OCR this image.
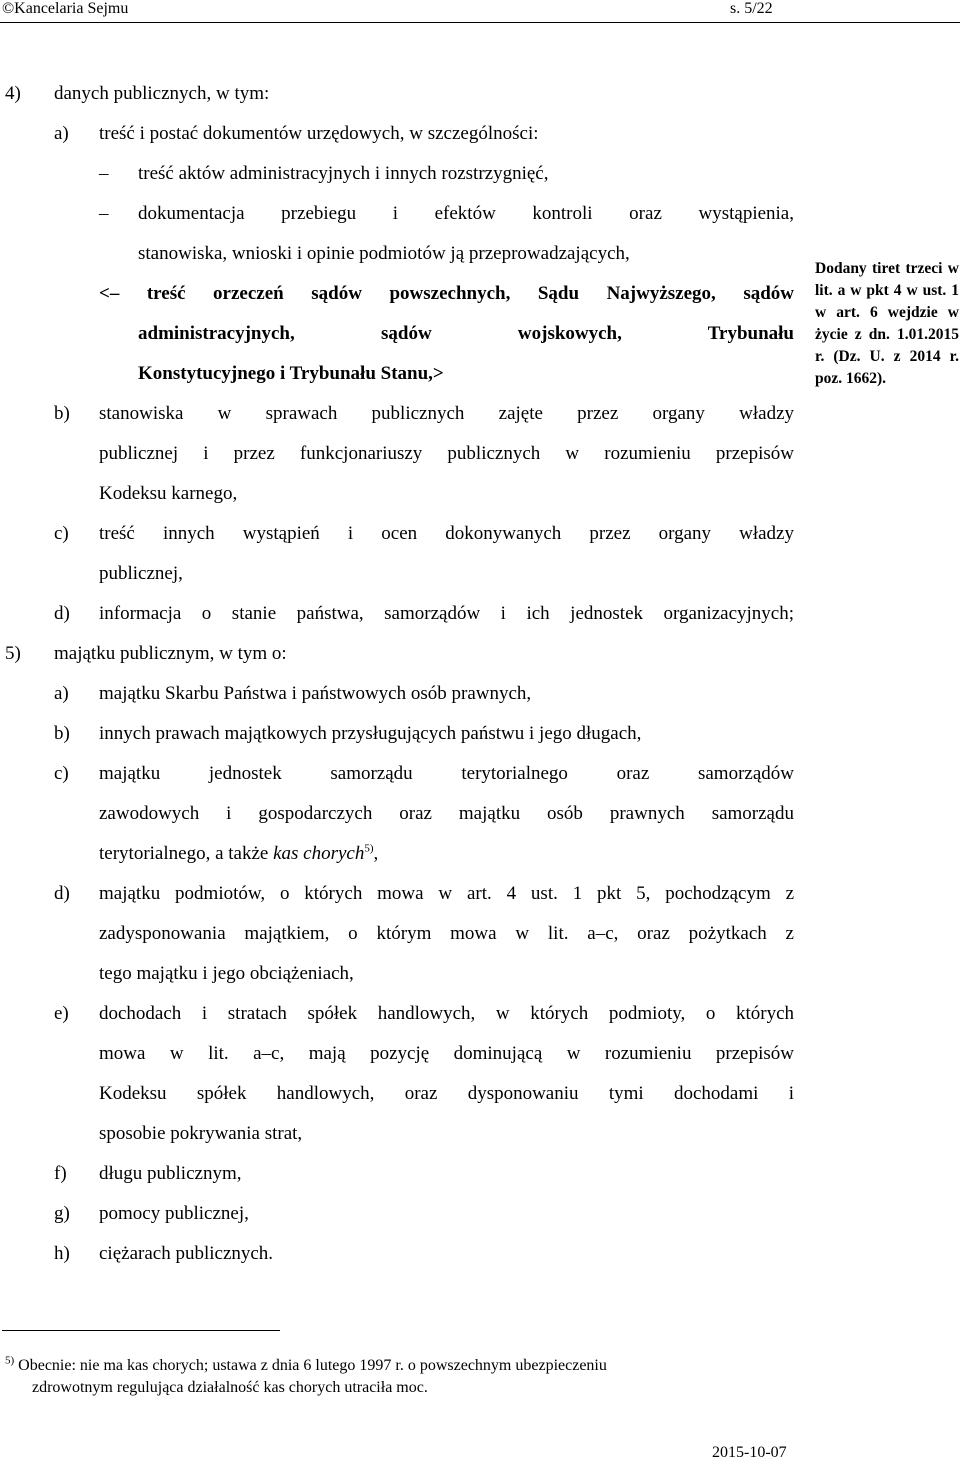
©Kancelaria Sejmu	s. 5/22
4) danych publicznych, w tym:
a) treść i postać dokumentów urzędowych, w szczególności:
– treść aktów administracyjnych i innych rozstrzygnięć,
– dokumentacja przebiegu i efektów kontroli oraz wystąpienia,
stanowiska, wnioski i opinie podmiotów ją przeprowadzających,
<– treść orzeczeń sądów powszechnych, Sądu Najwyższego, sądów
administracyjnych, sądów wojskowych, Trybunału
Konstytucyjnego i Trybunału Stanu,>
b) stanowiska w sprawach publicznych zajęte przez organy władzy
publicznej i przez funkcjonariuszy publicznych w rozumieniu przepisów
Kodeksu karnego,
c) treść innych wystąpień i ocen dokonywanych przez organy władzy
publicznej,
d) informacja o stanie państwa, samorządów i ich jednostek organizacyjnych;
5) majątku publicznym, w tym o:
a) majątku Skarbu Państwa i państwowych osób prawnych,
b) innych prawach majątkowych przysługujących państwu i jego długach,
c) majątku jednostek samorządu terytorialnego oraz samorządów
zawodowych i gospodarczych oraz majątku osób prawnych samorządu
terytorialnego, a także kas chorych$^{5)}$,
d) majątku podmiotów, o których mowa w art. 4 ust. 1 pkt 5, pochodzącym z
zadysponowania majątkiem, o którym mowa w lit. a–c, oraz pożytkach z
tego majątku i jego obciążeniach,
e) dochodach i stratach spółek handlowych, w których podmioty, o których
mowa w lit. a–c, mają pozycję dominującą w rozumieniu przepisów
Kodeksu spółek handlowych, oraz dysponowaniu tymi dochodami i
sposobie pokrywania strat,
f) długu publicznym,
g) pomocy publicznej,
h) ciężarach publicznych.
Dodany tiret trzeci w lit. a w pkt 4 w ust. 1 w art. 6 wejdzie w życie z dn. 1.01.2015 r. (Dz. U. z 2014 r. poz. 1662).
$^{5)}$ Obecnie: nie ma kas chorych; ustawa z dnia 6 lutego 1997 r. o powszechnym ubezpieczeniu
zdrowotnym regulująca działalność kas chorych utraciła moc.
2015-10-07
